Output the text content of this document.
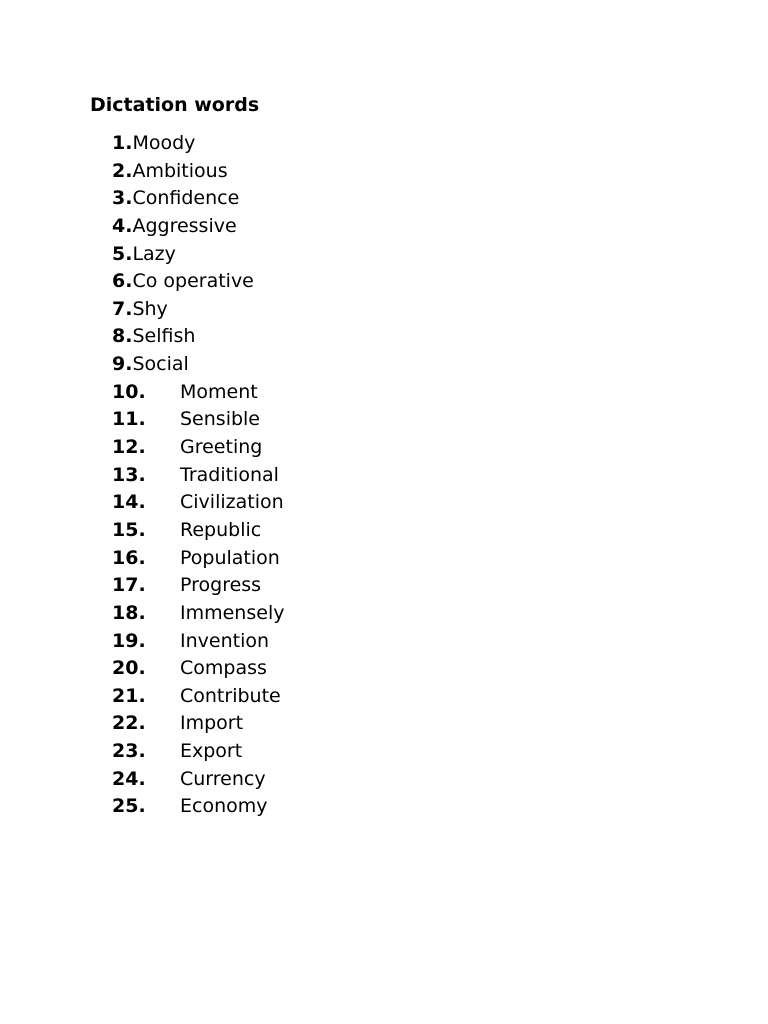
Dictation words
1.Moody
2.Ambitious
3.Confidence
4.Aggressive
5.Lazy
6.Co operative
7.Shy
8.Selfish
9.Social
10. Moment
11. Sensible
12. Greeting
13. Traditional
14. Civilization
15. Republic
16. Population
17. Progress
18. Immensely
19. Invention
20. Compass
21. Contribute
22. Import
23. Export
24. Currency
25. Economy
